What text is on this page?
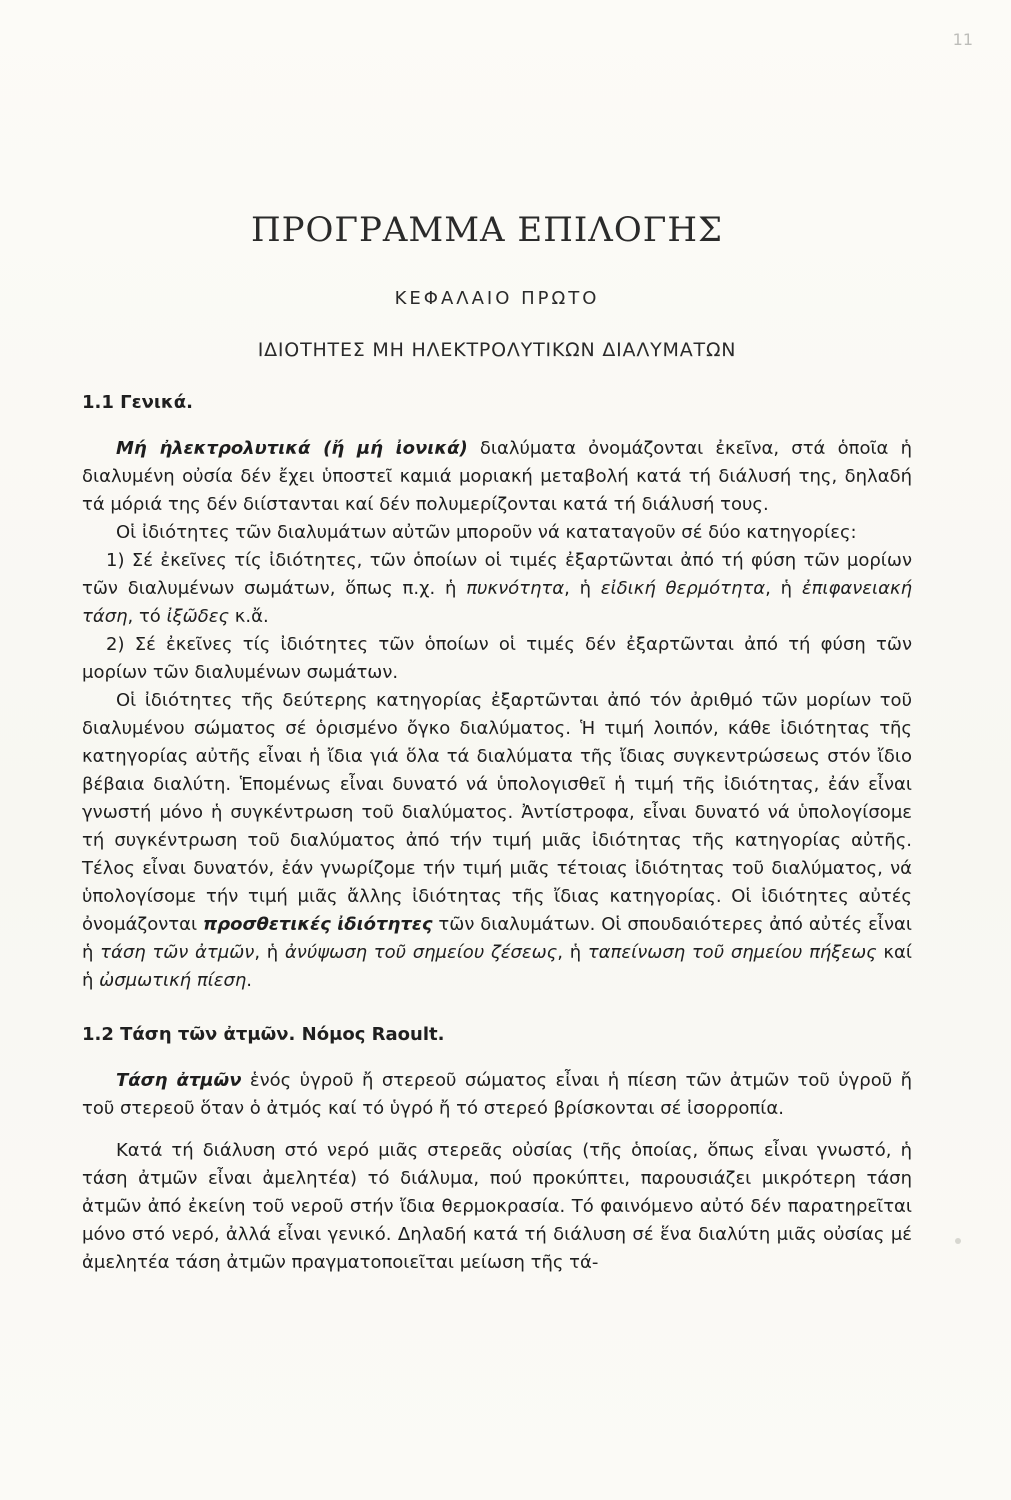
11
ΠΡΟΓΡΑΜΜΑ ΕΠΙΛΟΓΗΣ
ΚΕΦΑΛΑΙΟ ΠΡΩΤΟ
ΙΔΙΟΤΗΤΕΣ ΜΗ ΗΛΕΚΤΡΟΛΥΤΙΚΩΝ ΔΙΑΛΥΜΑΤΩΝ
1.1 Γενικά.

Μή ἠλεκτρολυτικά (ἤ μή ἰονικά) διαλύματα ὀνομάζονται ἐκεῖνα, στά ὁποῖα ἡ διαλυμένη οὐσία δέν ἔχει ὑποστεῖ καμιά μοριακή μεταβολή κατά τή διάλυσή της, δηλαδή τά μόριά της δέν διίστανται καί δέν πολυμερίζονται κατά τή διάλυσή τους.

Οἱ ἰδιότητες τῶν διαλυμάτων αὐτῶν μποροῦν νά καταταγοῦν σέ δύο κατηγορίες:

1) Σέ ἐκεῖνες τίς ἰδιότητες, τῶν ὁποίων οἱ τιμές ἐξαρτῶνται ἀπό τή φύση τῶν μορίων τῶν διαλυμένων σωμάτων, ὅπως π.χ. ἡ πυκνότητα, ἡ εἰδική θερμότητα, ἡ ἐπιφανειακή τάση, τό ἰξῶδες κ.ἄ.

2) Σέ ἐκεῖνες τίς ἰδιότητες τῶν ὁποίων οἱ τιμές δέν ἐξαρτῶνται ἀπό τή φύση τῶν μορίων τῶν διαλυμένων σωμάτων.

Οἱ ἰδιότητες τῆς δεύτερης κατηγορίας ἐξαρτῶνται ἀπό τόν ἀριθμό τῶν μορίων τοῦ διαλυμένου σώματος σέ ὁρισμένο ὄγκο διαλύματος. Ἡ τιμή λοιπόν, κάθε ἰδιότητας τῆς κατηγορίας αὐτῆς εἶναι ἡ ἴδια γιά ὅλα τά διαλύματα τῆς ἴδιας συγκεντρώσεως στόν ἴδιο βέβαια διαλύτη. Ἑπομένως εἶναι δυνατό νά ὑπολογισθεῖ ἡ τιμή τῆς ἰδιότητας, ἐάν εἶναι γνωστή μόνο ἡ συγκέντρωση τοῦ διαλύματος. Ἀντίστροφα, εἶναι δυνατό νά ὑπολογίσομε τή συγκέντρωση τοῦ διαλύματος ἀπό τήν τιμή μιᾶς ἰδιότητας τῆς κατηγορίας αὐτῆς. Τέλος εἶναι δυνατόν, ἐάν γνωρίζομε τήν τιμή μιᾶς τέτοιας ἰδιότητας τοῦ διαλύματος, νά ὑπολογίσομε τήν τιμή μιᾶς ἄλλης ἰδιότητας τῆς ἴδιας κατηγορίας. Οἱ ἰδιότητες αὐτές ὀνομάζονται προσθετικές ἰδιότητες τῶν διαλυμάτων. Οἱ σπουδαιότερες ἀπό αὐτές εἶναι ἡ τάση τῶν ἀτμῶν, ἡ ἀνύψωση τοῦ σημείου ζέσεως, ἡ ταπείνωση τοῦ σημείου πήξεως καί ἡ ὠσμωτική πίεση.

1.2 Τάση τῶν ἀτμῶν. Νόμος Raoult.

Τάση ἀτμῶν ἑνός ὑγροῦ ἤ στερεοῦ σώματος εἶναι ἡ πίεση τῶν ἀτμῶν τοῦ ὑγροῦ ἤ τοῦ στερεοῦ ὅταν ὁ ἀτμός καί τό ὑγρό ἤ τό στερεό βρίσκονται σέ ἰσορροπία.

Κατά τή διάλυση στό νερό μιᾶς στερεᾶς οὐσίας (τῆς ὁποίας, ὅπως εἶναι γνωστό, ἡ τάση ἀτμῶν εἶναι ἀμελητέα) τό διάλυμα, πού προκύπτει, παρουσιάζει μικρότερη τάση ἀτμῶν ἀπό ἐκείνη τοῦ νεροῦ στήν ἴδια θερμοκρασία. Τό φαινόμενο αὐτό δέν παρατηρεῖται μόνο στό νερό, ἀλλά εἶναι γενικό. Δηλαδή κατά τή διάλυση σέ ἕνα διαλύτη μιᾶς οὐσίας μέ ἀμελητέα τάση ἀτμῶν πραγματοποιεῖται μείωση τῆς τά-
